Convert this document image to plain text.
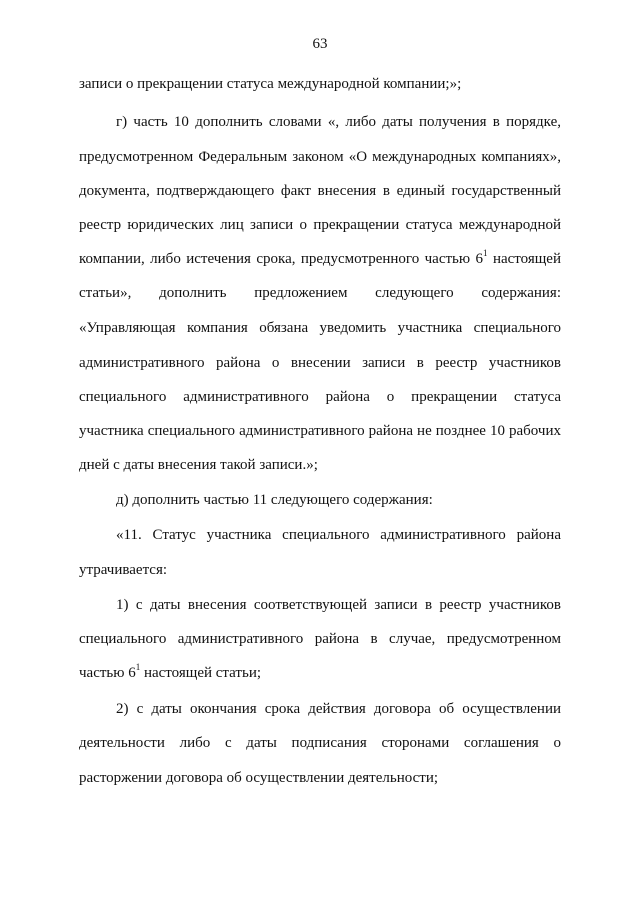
63
записи о прекращении статуса международной компании;»;
г) часть 10 дополнить словами «, либо даты получения в порядке,
предусмотренном Федеральным законом «О международных компаниях»,
документа, подтверждающего факт внесения в единый государственный
реестр юридических лиц записи о прекращении статуса международной
компании, либо истечения срока, предусмотренного частью $6^1$ настоящей
статьи», дополнить предложением следующего содержания:
«Управляющая компания обязана уведомить участника специального
административного района о внесении записи в реестр участников
специального административного района о прекращении статуса
участника специального административного района не позднее 10 рабочих
дней с даты внесения такой записи.»;
д) дополнить частью 11 следующего содержания:
«11. Статус участника специального административного района
утрачивается:
1) с даты внесения соответствующей записи в реестр участников
специального административного района в случае, предусмотренном
частью $6^1$ настоящей статьи;
2) с даты окончания срока действия договора об осуществлении
деятельности либо с даты подписания сторонами соглашения о
расторжении договора об осуществлении деятельности;
